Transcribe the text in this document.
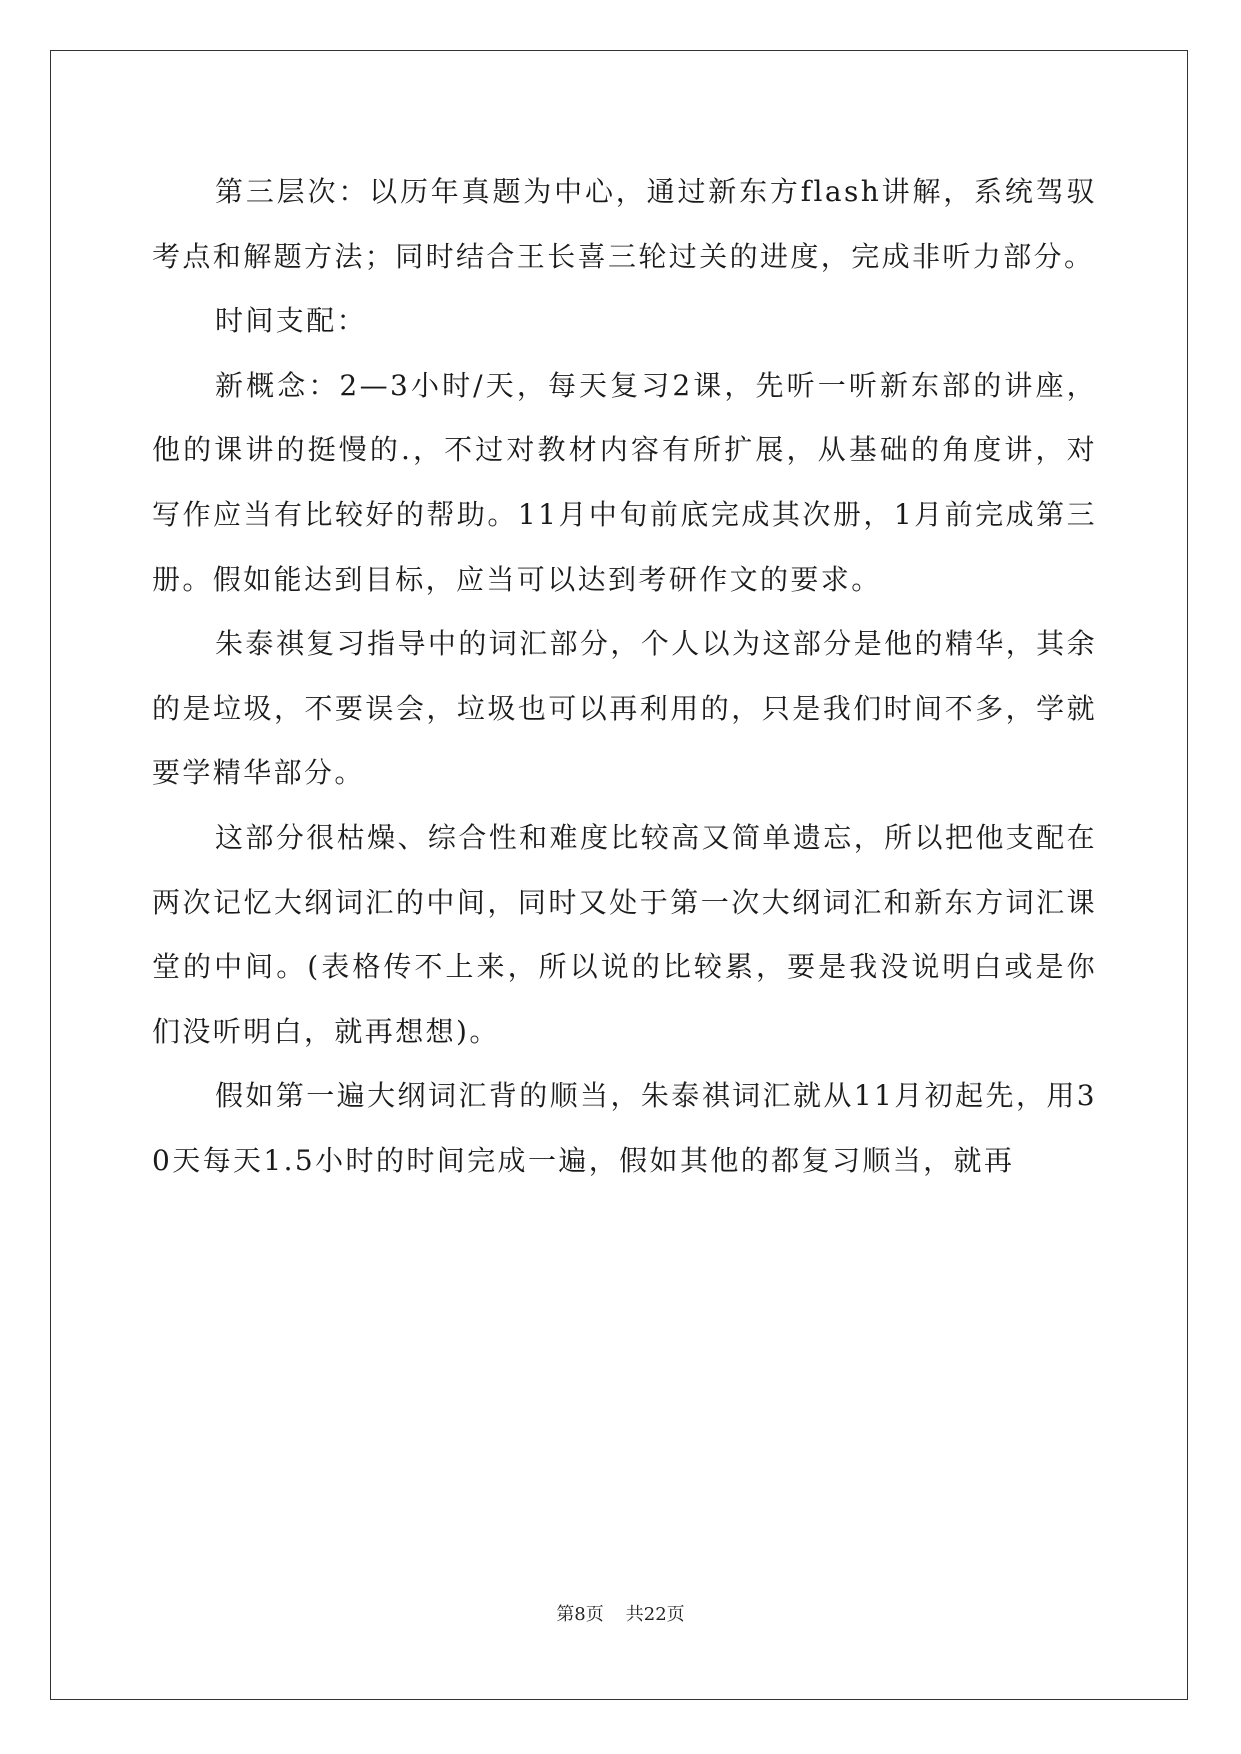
第三层次：以历年真题为中心，通过新东方flash讲解，系统驾驭考点和解题方法；同时结合王长喜三轮过关的进度，完成非听力部分。

时间支配：

新概念：2—3小时/天，每天复习2课，先听一听新东部的讲座，他的课讲的挺慢的.，不过对教材内容有所扩展，从基础的角度讲，对写作应当有比较好的帮助。11月中旬前底完成其次册，1月前完成第三册。假如能达到目标，应当可以达到考研作文的要求。

朱泰祺复习指导中的词汇部分，个人以为这部分是他的精华，其余的是垃圾，不要误会，垃圾也可以再利用的，只是我们时间不多，学就要学精华部分。

这部分很枯燥、综合性和难度比较高又简单遗忘，所以把他支配在两次记忆大纲词汇的中间，同时又处于第一次大纲词汇和新东方词汇课堂的中间。(表格传不上来，所以说的比较累，要是我没说明白或是你们没听明白，就再想想)。

假如第一遍大纲词汇背的顺当，朱泰祺词汇就从11月初起先，用30天每天1.5小时的时间完成一遍，假如其他的都复习顺当，就再

第8页 共22页
